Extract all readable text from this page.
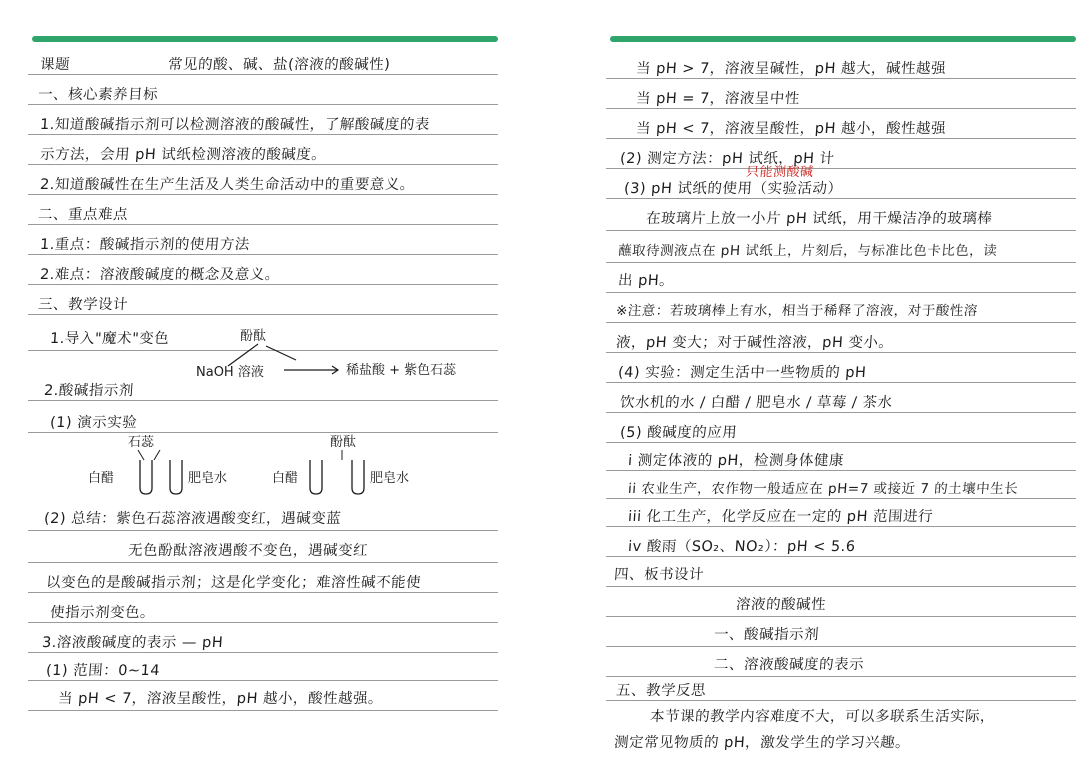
课题	常见的酸、碱、盐(溶液的酸碱性)
一、核心素养目标
1.知道酸碱指示剂可以检测溶液的酸碱性，了解酸碱度的表
示方法，会用 pH 试纸检测溶液的酸碱度。
2.知道酸碱性在生产生活及人类生命活动中的重要意义。
二、重点难点
1.重点：酸碱指示剂的使用方法
2.难点：溶液酸碱度的概念及意义。
三、教学设计
1.导入"魔术"变色	酚酞
NaOH 溶液	稀盐酸 + 紫色石蕊
2.酸碱指示剂
(1) 演示实验
石蕊
白醋	肥皂水
酚酞
白醋	肥皂水
(2) 总结：紫色石蕊溶液遇酸变红，遇碱变蓝
无色酚酞溶液遇酸不变色，遇碱变红
以变色的是酸碱指示剂；这是化学变化；难溶性碱不能使
使指示剂变色。
3.溶液酸碱度的表示 — pH
(1) 范围：0~14
当 pH < 7，溶液呈酸性，pH 越小，酸性越强。
当 pH > 7，溶液呈碱性，pH 越大，碱性越强
当 pH = 7，溶液呈中性
当 pH < 7，溶液呈酸性，pH 越小，酸性越强
(2) 测定方法：pH 试纸，pH 计
只能测酸碱
(3) pH 试纸的使用（实验活动）
在玻璃片上放一小片 pH 试纸，用干燥洁净的玻璃棒
蘸取待测液点在 pH 试纸上，片刻后，与标准比色卡比色，读
出 pH。
※注意：若玻璃棒上有水，相当于稀释了溶液，对于酸性溶
液，pH 变大；对于碱性溶液，pH 变小。
(4) 实验：测定生活中一些物质的 pH
饮水机的水 / 白醋 / 肥皂水 / 草莓 / 茶水
(5) 酸碱度的应用
i 测定体液的 pH，检测身体健康
ii 农业生产，农作物一般适应在 pH=7 或接近 7 的土壤中生长
iii 化工生产，化学反应在一定的 pH 范围进行
iv 酸雨（SO₂、NO₂）：pH < 5.6
四、板书设计
溶液的酸碱性
一、酸碱指示剂
二、溶液酸碱度的表示
五、教学反思
本节课的教学内容难度不大，可以多联系生活实际，
测定常见物质的 pH，激发学生的学习兴趣。
